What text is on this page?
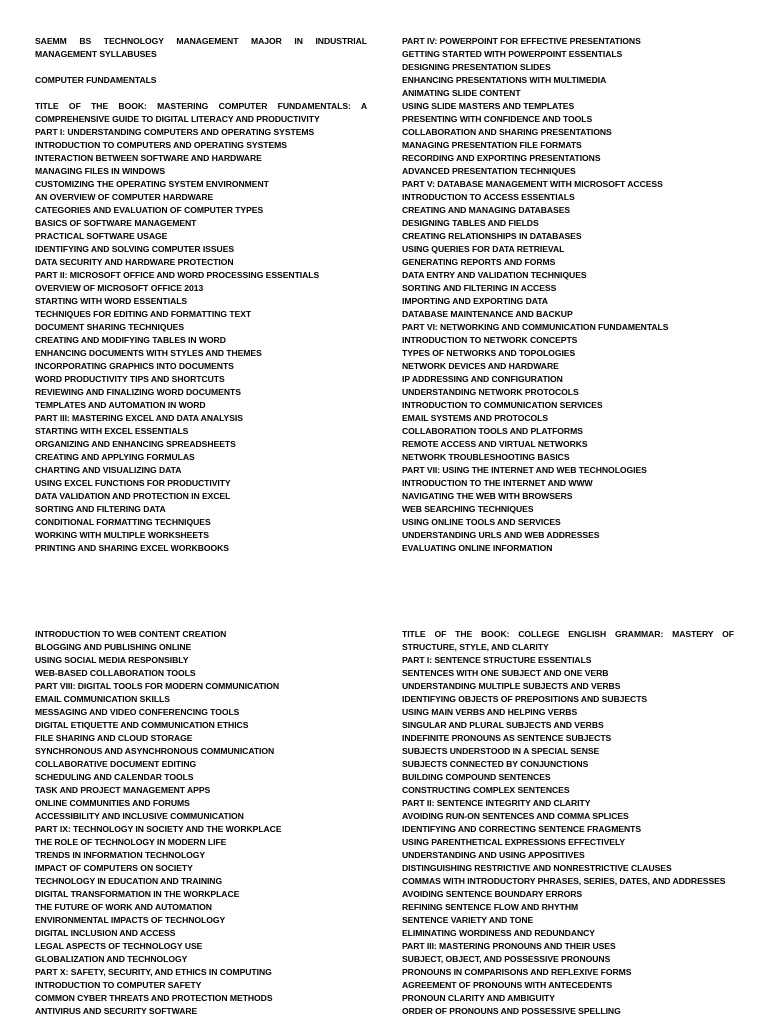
SAEMM BS TECHNOLOGY MANAGEMENT MAJOR IN INDUSTRIAL MANAGEMENT SYLLABUSES
COMPUTER FUNDAMENTALS
TITLE OF THE BOOK: MASTERING COMPUTER FUNDAMENTALS: A COMPREHENSIVE GUIDE TO DIGITAL LITERACY AND PRODUCTIVITY
PART I: UNDERSTANDING COMPUTERS AND OPERATING SYSTEMS
INTRODUCTION TO COMPUTERS AND OPERATING SYSTEMS
INTERACTION BETWEEN SOFTWARE AND HARDWARE
MANAGING FILES IN WINDOWS
CUSTOMIZING THE OPERATING SYSTEM ENVIRONMENT
AN OVERVIEW OF COMPUTER HARDWARE
CATEGORIES AND EVALUATION OF COMPUTER TYPES
BASICS OF SOFTWARE MANAGEMENT
PRACTICAL SOFTWARE USAGE
IDENTIFYING AND SOLVING COMPUTER ISSUES
DATA SECURITY AND HARDWARE PROTECTION
PART II: MICROSOFT OFFICE AND WORD PROCESSING ESSENTIALS
OVERVIEW OF MICROSOFT OFFICE 2013
STARTING WITH WORD ESSENTIALS
TECHNIQUES FOR EDITING AND FORMATTING TEXT
DOCUMENT SHARING TECHNIQUES
CREATING AND MODIFYING TABLES IN WORD
ENHANCING DOCUMENTS WITH STYLES AND THEMES
INCORPORATING GRAPHICS INTO DOCUMENTS
WORD PRODUCTIVITY TIPS AND SHORTCUTS
REVIEWING AND FINALIZING WORD DOCUMENTS
TEMPLATES AND AUTOMATION IN WORD
PART III: MASTERING EXCEL AND DATA ANALYSIS
STARTING WITH EXCEL ESSENTIALS
ORGANIZING AND ENHANCING SPREADSHEETS
CREATING AND APPLYING FORMULAS
CHARTING AND VISUALIZING DATA
USING EXCEL FUNCTIONS FOR PRODUCTIVITY
DATA VALIDATION AND PROTECTION IN EXCEL
SORTING AND FILTERING DATA
CONDITIONAL FORMATTING TECHNIQUES
WORKING WITH MULTIPLE WORKSHEETS
PRINTING AND SHARING EXCEL WORKBOOKS
PART IV: POWERPOINT FOR EFFECTIVE PRESENTATIONS
GETTING STARTED WITH POWERPOINT ESSENTIALS
DESIGNING PRESENTATION SLIDES
ENHANCING PRESENTATIONS WITH MULTIMEDIA
ANIMATING SLIDE CONTENT
USING SLIDE MASTERS AND TEMPLATES
PRESENTING WITH CONFIDENCE AND TOOLS
COLLABORATION AND SHARING PRESENTATIONS
MANAGING PRESENTATION FILE FORMATS
RECORDING AND EXPORTING PRESENTATIONS
ADVANCED PRESENTATION TECHNIQUES
PART V: DATABASE MANAGEMENT WITH MICROSOFT ACCESS
INTRODUCTION TO ACCESS ESSENTIALS
CREATING AND MANAGING DATABASES
DESIGNING TABLES AND FIELDS
CREATING RELATIONSHIPS IN DATABASES
USING QUERIES FOR DATA RETRIEVAL
GENERATING REPORTS AND FORMS
DATA ENTRY AND VALIDATION TECHNIQUES
SORTING AND FILTERING IN ACCESS
IMPORTING AND EXPORTING DATA
DATABASE MAINTENANCE AND BACKUP
PART VI: NETWORKING AND COMMUNICATION FUNDAMENTALS
INTRODUCTION TO NETWORK CONCEPTS
TYPES OF NETWORKS AND TOPOLOGIES
NETWORK DEVICES AND HARDWARE
IP ADDRESSING AND CONFIGURATION
UNDERSTANDING NETWORK PROTOCOLS
INTRODUCTION TO COMMUNICATION SERVICES
EMAIL SYSTEMS AND PROTOCOLS
COLLABORATION TOOLS AND PLATFORMS
REMOTE ACCESS AND VIRTUAL NETWORKS
NETWORK TROUBLESHOOTING BASICS
PART VII: USING THE INTERNET AND WEB TECHNOLOGIES
INTRODUCTION TO THE INTERNET AND WWW
NAVIGATING THE WEB WITH BROWSERS
WEB SEARCHING TECHNIQUES
USING ONLINE TOOLS AND SERVICES
UNDERSTANDING URLS AND WEB ADDRESSES
EVALUATING ONLINE INFORMATION
INTRODUCTION TO WEB CONTENT CREATION
BLOGGING AND PUBLISHING ONLINE
USING SOCIAL MEDIA RESPONSIBLY
WEB-BASED COLLABORATION TOOLS
PART VIII: DIGITAL TOOLS FOR MODERN COMMUNICATION
EMAIL COMMUNICATION SKILLS
MESSAGING AND VIDEO CONFERENCING TOOLS
DIGITAL ETIQUETTE AND COMMUNICATION ETHICS
FILE SHARING AND CLOUD STORAGE
SYNCHRONOUS AND ASYNCHRONOUS COMMUNICATION
COLLABORATIVE DOCUMENT EDITING
SCHEDULING AND CALENDAR TOOLS
TASK AND PROJECT MANAGEMENT APPS
ONLINE COMMUNITIES AND FORUMS
ACCESSIBILITY AND INCLUSIVE COMMUNICATION
PART IX: TECHNOLOGY IN SOCIETY AND THE WORKPLACE
THE ROLE OF TECHNOLOGY IN MODERN LIFE
TRENDS IN INFORMATION TECHNOLOGY
IMPACT OF COMPUTERS ON SOCIETY
TECHNOLOGY IN EDUCATION AND TRAINING
DIGITAL TRANSFORMATION IN THE WORKPLACE
THE FUTURE OF WORK AND AUTOMATION
ENVIRONMENTAL IMPACTS OF TECHNOLOGY
DIGITAL INCLUSION AND ACCESS
LEGAL ASPECTS OF TECHNOLOGY USE
GLOBALIZATION AND TECHNOLOGY
PART X: SAFETY, SECURITY, AND ETHICS IN COMPUTING
INTRODUCTION TO COMPUTER SAFETY
COMMON CYBER THREATS AND PROTECTION METHODS
ANTIVIRUS AND SECURITY SOFTWARE
TITLE OF THE BOOK: COLLEGE ENGLISH GRAMMAR: MASTERY OF STRUCTURE, STYLE, AND CLARITY
PART I: SENTENCE STRUCTURE ESSENTIALS
SENTENCES WITH ONE SUBJECT AND ONE VERB
UNDERSTANDING MULTIPLE SUBJECTS AND VERBS
IDENTIFYING OBJECTS OF PREPOSITIONS AND SUBJECTS
USING MAIN VERBS AND HELPING VERBS
SINGULAR AND PLURAL SUBJECTS AND VERBS
INDEFINITE PRONOUNS AS SENTENCE SUBJECTS
SUBJECTS UNDERSTOOD IN A SPECIAL SENSE
SUBJECTS CONNECTED BY CONJUNCTIONS
BUILDING COMPOUND SENTENCES
CONSTRUCTING COMPLEX SENTENCES
PART II: SENTENCE INTEGRITY AND CLARITY
AVOIDING RUN-ON SENTENCES AND COMMA SPLICES
IDENTIFYING AND CORRECTING SENTENCE FRAGMENTS
USING PARENTHETICAL EXPRESSIONS EFFECTIVELY
UNDERSTANDING AND USING APPOSITIVES
DISTINGUISHING RESTRICTIVE AND NONRESTRICTIVE CLAUSES
COMMAS WITH INTRODUCTORY PHRASES, SERIES, DATES, AND ADDRESSES
AVOIDING SENTENCE BOUNDARY ERRORS
REFINING SENTENCE FLOW AND RHYTHM
SENTENCE VARIETY AND TONE
ELIMINATING WORDINESS AND REDUNDANCY
PART III: MASTERING PRONOUNS AND THEIR USES
SUBJECT, OBJECT, AND POSSESSIVE PRONOUNS
PRONOUNS IN COMPARISONS AND REFLEXIVE FORMS
AGREEMENT OF PRONOUNS WITH ANTECEDENTS
PRONOUN CLARITY AND AMBIGUITY
ORDER OF PRONOUNS AND POSSESSIVE SPELLING
